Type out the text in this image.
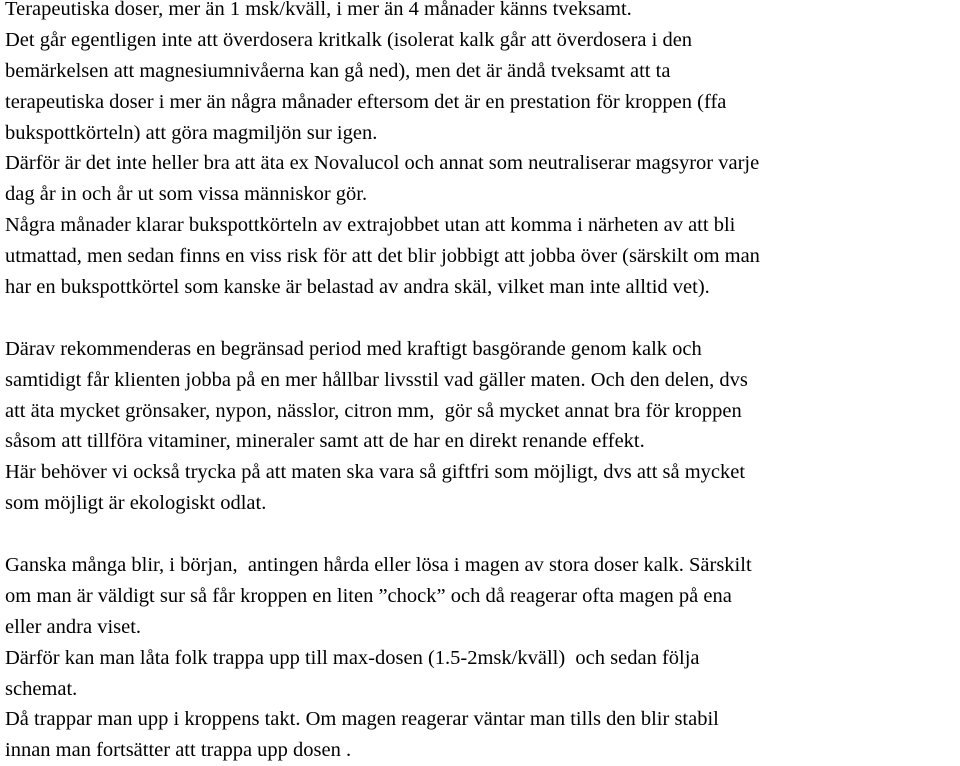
Terapeutiska doser, mer än 1 msk/kväll, i mer än 4 månader känns tveksamt.
Det går egentligen inte att överdosera kritkalk (isolerat kalk går att överdosera i den
bemärkelsen att magnesiumnivåerna kan gå ned), men det är ändå tveksamt att ta
terapeutiska doser i mer än några månader eftersom det är en prestation för kroppen (ffa
bukspottkörteln) att göra magmiljön sur igen.
Därför är det inte heller bra att äta ex Novalucol och annat som neutraliserar magsyror varje
dag år in och år ut som vissa människor gör.
Några månader klarar bukspottkörteln av extrajobbet utan att komma i närheten av att bli
utmattad, men sedan finns en viss risk för att det blir jobbigt att jobba över (särskilt om man
har en bukspottkörtel som kanske är belastad av andra skäl, vilket man inte alltid vet).
Därav rekommenderas en begränsad period med kraftigt basgörande genom kalk och
samtidigt får klienten jobba på en mer hållbar livsstil vad gäller maten. Och den delen, dvs
att äta mycket grönsaker, nypon, nässlor, citron mm,  gör så mycket annat bra för kroppen
såsom att tillföra vitaminer, mineraler samt att de har en direkt renande effekt.
Här behöver vi också trycka på att maten ska vara så giftfri som möjligt, dvs att så mycket
som möjligt är ekologiskt odlat.
Ganska många blir, i början,  antingen hårda eller lösa i magen av stora doser kalk. Särskilt
om man är väldigt sur så får kroppen en liten ”chock” och då reagerar ofta magen på ena
eller andra viset.
Därför kan man låta folk trappa upp till max-dosen (1.5-2msk/kväll)  och sedan följa
schemat.
Då trappar man upp i kroppens takt. Om magen reagerar väntar man tills den blir stabil
innan man fortsätter att trappa upp dosen .
